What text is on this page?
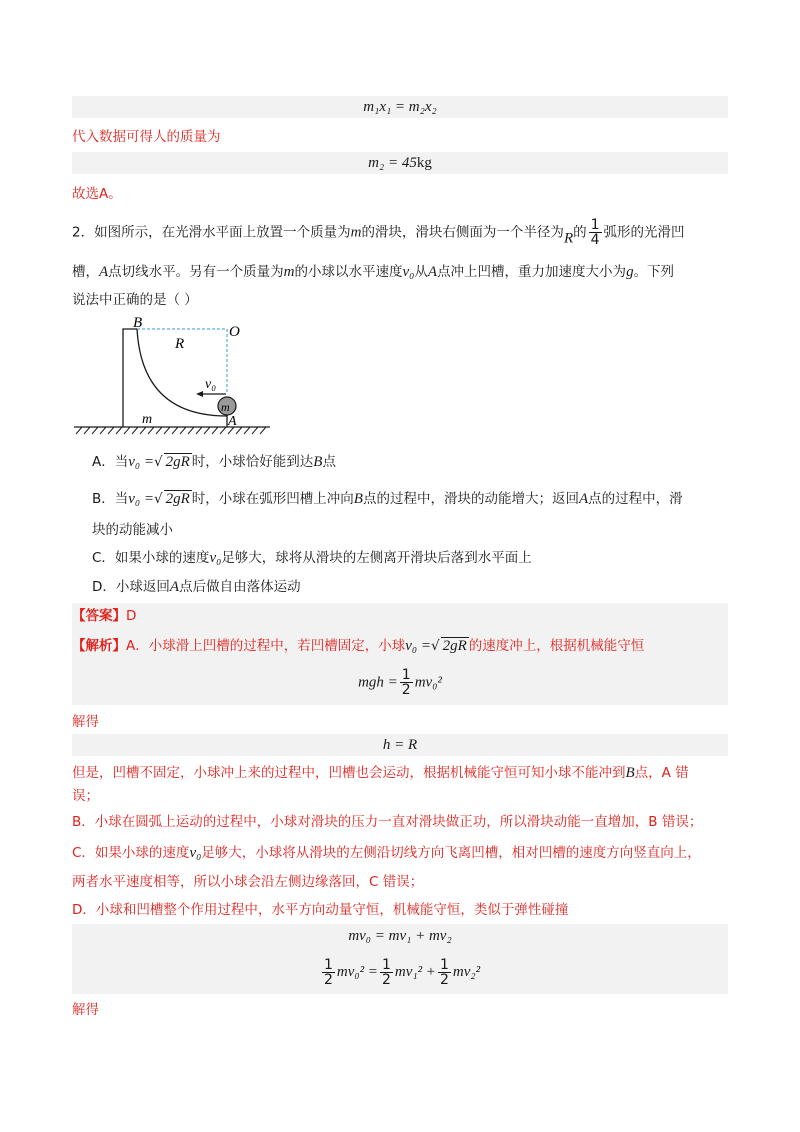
m₁x₁ = m₂x₂
代入数据可得人的质量为
m₂ = 45kg
故选A。
2．如图所示，在光滑水平面上放置一个质量为m的滑块，滑块右侧面为一个半径为R的 $\frac{1}{4}$ 弧形的光滑凹
槽，A点切线水平。另有一个质量为m的小球以水平速度v₀从A点冲上凹槽，重力加速度大小为g。下列
说法中正确的是（ ）
B
O
R
v₀
m
m	A
A．当v₀ =√ 2gR 时，小球恰好能到达B点
B．当v₀ =√ 2gR 时，小球在弧形凹槽上冲向B点的过程中，滑块的动能增大；返回A点的过程中，滑
块的动能减小
C．如果小球的速度v₀足够大，球将从滑块的左侧离开滑块后落到水平面上
D．小球返回A点后做自由落体运动
【答案】D
【解析】A．小球滑上凹槽的过程中，若凹槽固定，小球v₀ =√ 2gR 的速度冲上，根据机械能守恒
mgh = $\frac{1}{2} mv_0^2$
解得
h = R
但是，凹槽不固定，小球冲上来的过程中，凹槽也会运动，根据机械能守恒可知小球不能冲到B点，A 错
误；
B．小球在圆弧上运动的过程中，小球对滑块的压力一直对滑块做正功，所以滑块动能一直增加，B 错误；
C．如果小球的速度v₀足够大，小球将从滑块的左侧沿切线方向飞离凹槽，相对凹槽的速度方向竖直向上，
两者水平速度相等，所以小球会沿左侧边缘落回，C 错误；
D．小球和凹槽整个作用过程中，水平方向动量守恒，机械能守恒，类似于弹性碰撞
mv₀ = mv₁ + mv₂
$\frac{1}{2} mv_0^2 = \frac{1}{2} mv_1^2 + \frac{1}{2} mv_2^2$
解得
